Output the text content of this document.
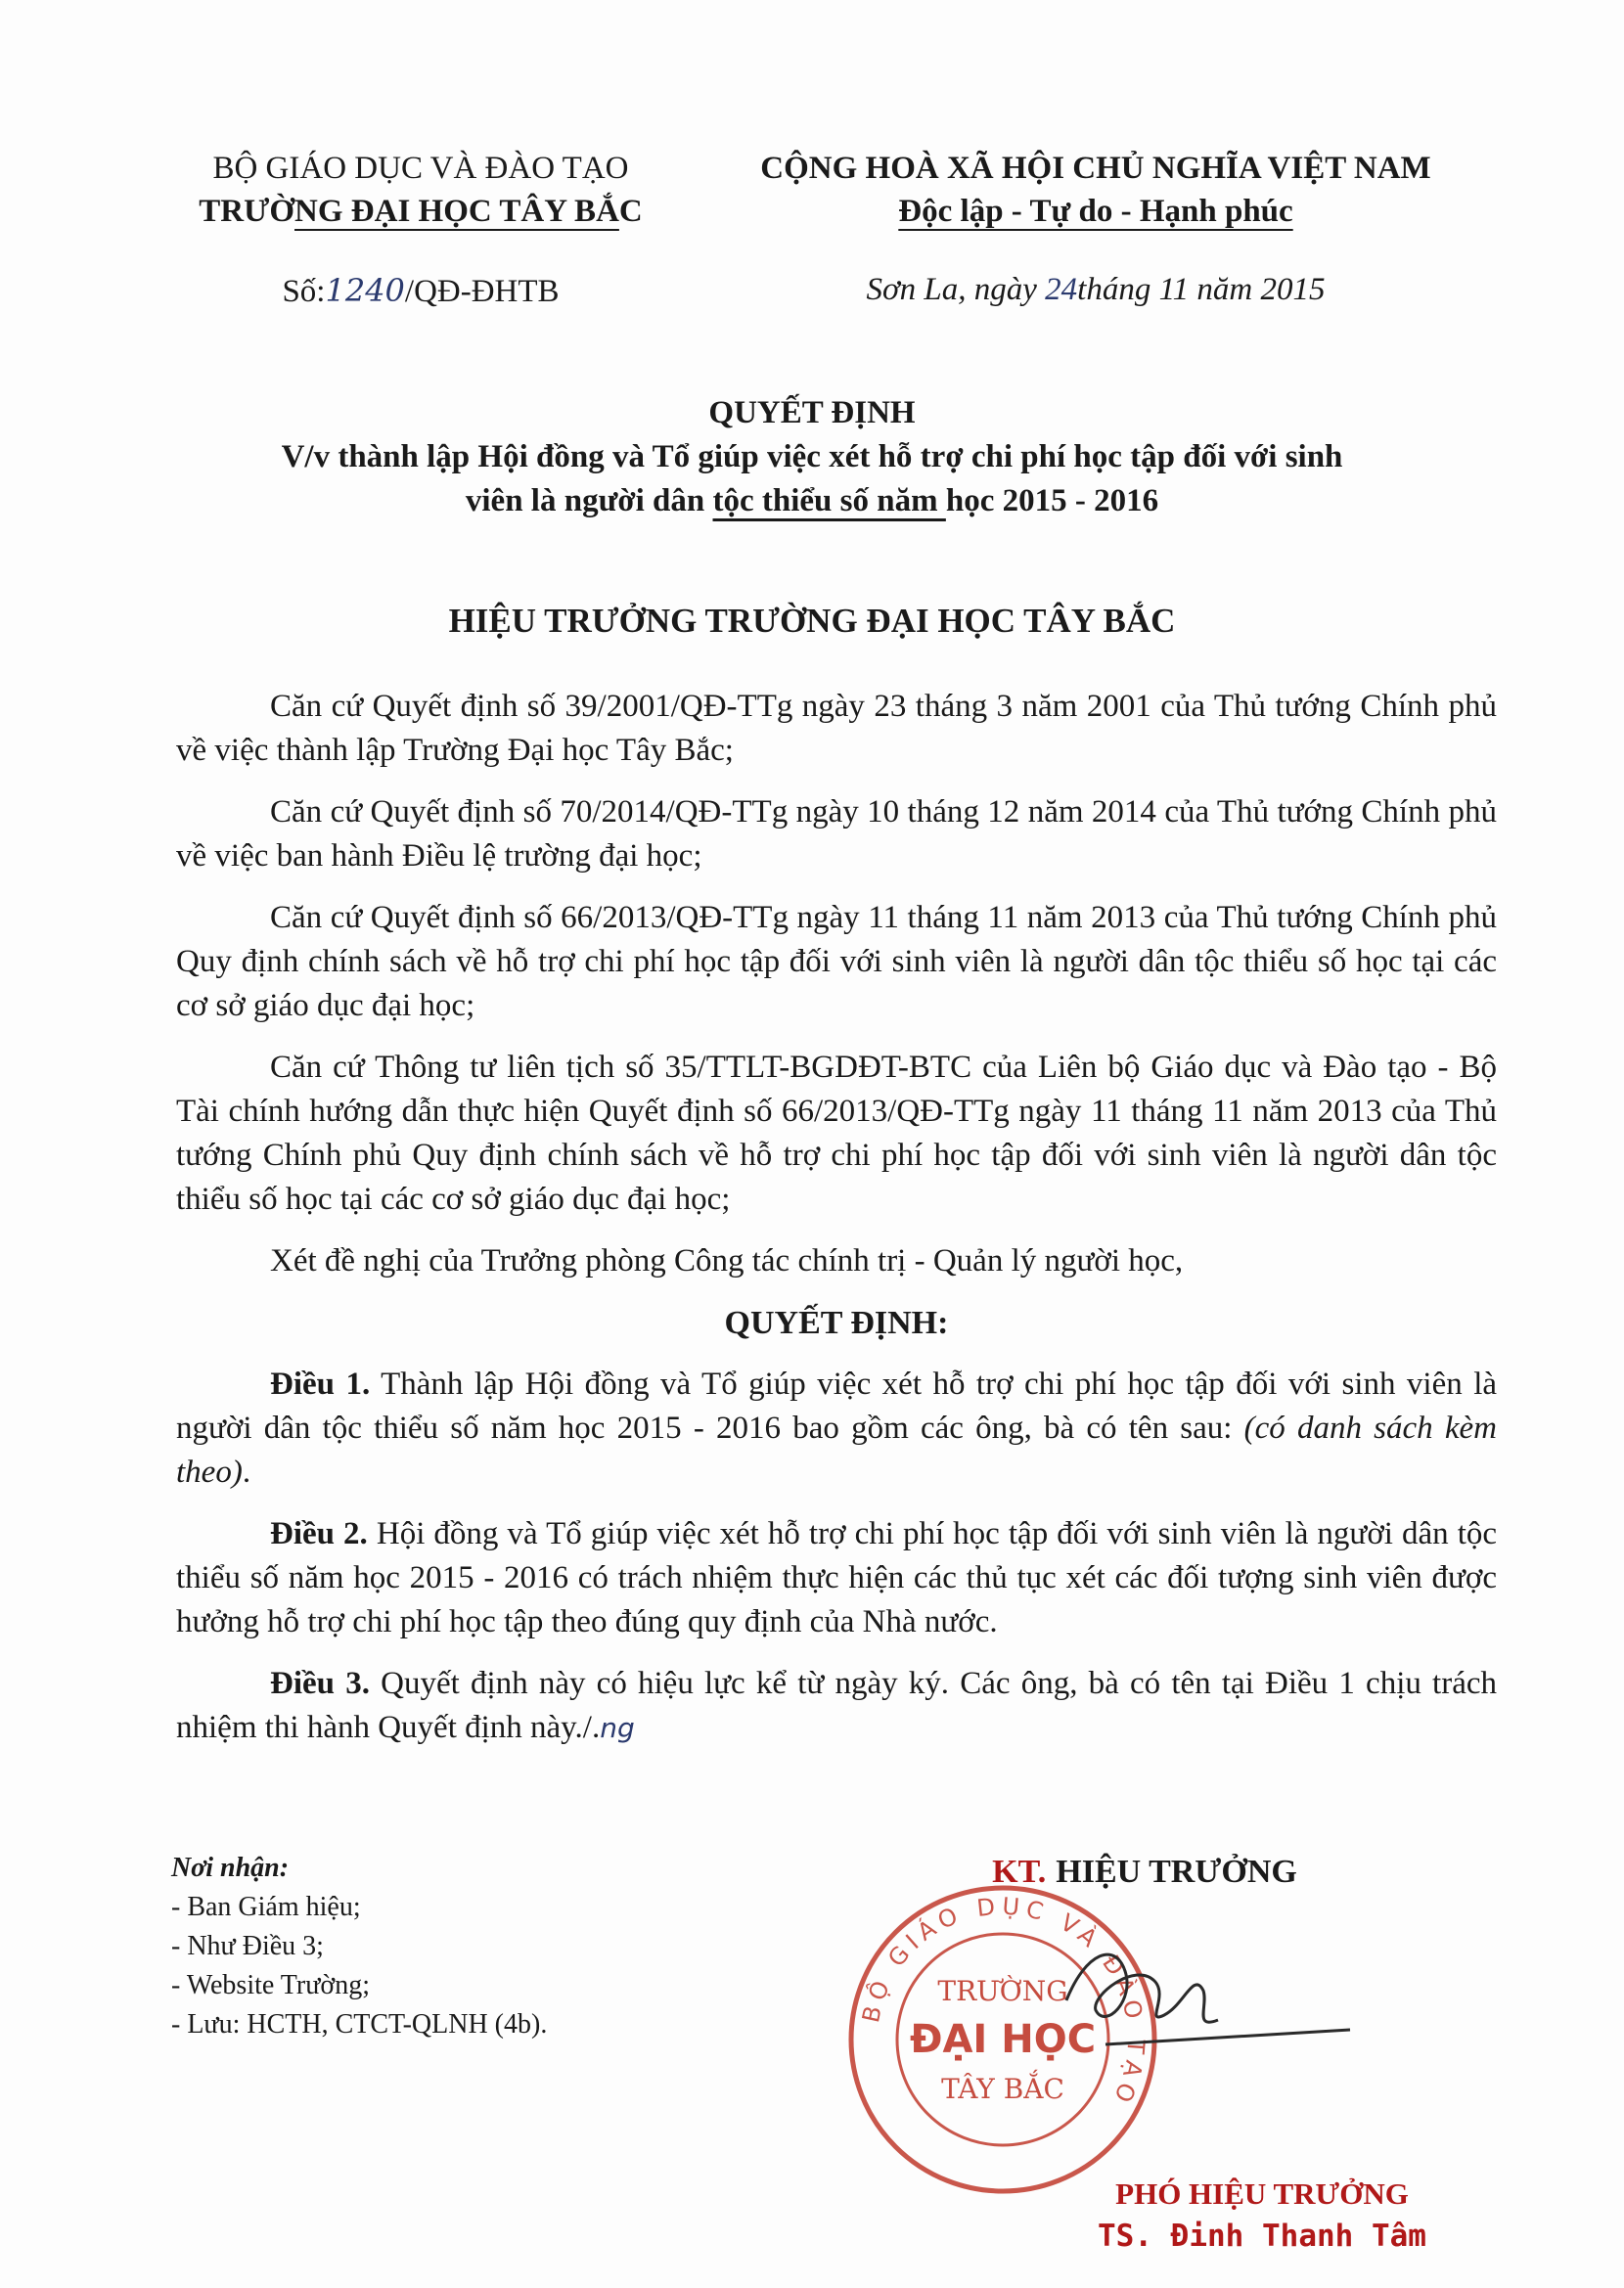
BỘ GIÁO DỤC VÀ ĐÀO TẠO
TRƯỜNG ĐẠI HỌC TÂY BẮC
CỘNG HOÀ XÃ HỘI CHỦ NGHĨA VIỆT NAM
Độc lập - Tự do - Hạnh phúc
Số:1240/QĐ-ĐHTB	Sơn La, ngày 24tháng 11 năm 2015
QUYẾT ĐỊNH
V/v thành lập Hội đồng và Tổ giúp việc xét hỗ trợ chi phí học tập đối với sinh
viên là người dân tộc thiểu số năm học 2015 - 2016
HIỆU TRƯỞNG TRƯỜNG ĐẠI HỌC TÂY BẮC

Căn cứ Quyết định số 39/2001/QĐ-TTg ngày 23 tháng 3 năm 2001 của Thủ tướng Chính phủ về việc thành lập Trường Đại học Tây Bắc;

Căn cứ Quyết định số 70/2014/QĐ-TTg ngày 10 tháng 12 năm 2014 của Thủ tướng Chính phủ về việc ban hành Điều lệ trường đại học;

Căn cứ Quyết định số 66/2013/QĐ-TTg ngày 11 tháng 11 năm 2013 của Thủ tướng Chính phủ Quy định chính sách về hỗ trợ chi phí học tập đối với sinh viên là người dân tộc thiểu số học tại các cơ sở giáo dục đại học;

Căn cứ Thông tư liên tịch số 35/TTLT-BGDĐT-BTC của Liên bộ Giáo dục và Đào tạo - Bộ Tài chính hướng dẫn thực hiện Quyết định số 66/2013/QĐ-TTg ngày 11 tháng 11 năm 2013 của Thủ tướng Chính phủ Quy định chính sách về hỗ trợ chi phí học tập đối với sinh viên là người dân tộc thiểu số học tại các cơ sở giáo dục đại học;

Xét đề nghị của Trưởng phòng Công tác chính trị - Quản lý người học,

QUYẾT ĐỊNH:

Điều 1. Thành lập Hội đồng và Tổ giúp việc xét hỗ trợ chi phí học tập đối với sinh viên là người dân tộc thiểu số năm học 2015 - 2016 bao gồm các ông, bà có tên sau: (có danh sách kèm theo).

Điều 2. Hội đồng và Tổ giúp việc xét hỗ trợ chi phí học tập đối với sinh viên là người dân tộc thiểu số năm học 2015 - 2016 có trách nhiệm thực hiện các thủ tục xét các đối tượng sinh viên được hưởng hỗ trợ chi phí học tập theo đúng quy định của Nhà nước.

Điều 3. Quyết định này có hiệu lực kể từ ngày ký. Các ông, bà có tên tại Điều 1 chịu trách nhiệm thi hành Quyết định này./.ng

Nơi nhận:
- Ban Giám hiệu;
- Như Điều 3;
- Website Trường;
- Lưu: HCTH, CTCT-QLNH (4b).
KT. HIỆU TRƯỞNG
BỘ GIÁO DỤC VÀ ĐÀO TẠO
TRƯỜNG
ĐẠI HỌC
TÂY BẮC
PHÓ HIỆU TRƯỞNG
TS. Đinh Thanh Tâm
